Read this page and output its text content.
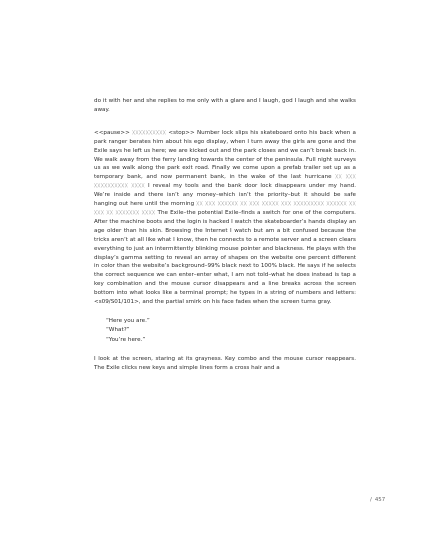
do it with her and she replies to me only with a glare and I laugh, god I laugh and she walks away.

<<pause>> ᚷᚷᚷᚷᚷᚷᚷᚷᚷᚷ <stop>> Number lock slips his skateboard onto his back when a park ranger berates him about his ego display, when I turn away the girls are gone and the Exile says he left us here; we are kicked out and the park closes and we can’t break back in. We walk away from the ferry landing towards the center of the peninsula. Full night surveys us as we walk along the park exit road. Finally we come upon a prefab trailer set up as a temporary bank, and now permanent bank, in the wake of the last hurricane ᚷᚷ ᚷᚷᚷ ᚷᚷᚷᚷᚷᚷᚷᚷᚷᚷ ᚷᚷᚷᚷ I reveal my tools and the bank door lock disappears under my hand. We’re inside and there isn’t any money–which isn’t the priority–but it should be safe hanging out here until the morning ᚷᚷ ᚷᚷᚷ ᚷᚷᚷᚷᚷᚷ ᚷᚷ ᚷᚷᚷ ᚷᚷᚷᚷᚷ ᚷᚷᚷ ᚷᚷᚷᚷᚷᚷᚷᚷᚷ ᚷᚷᚷᚷᚷᚷ ᚷᚷ ᚷᚷᚷ ᚷᚷ ᚷᚷᚷᚷᚷᚷᚷ ᚷᚷᚷᚷ The Exile–the potential Exile–finds a switch for one of the computers. After the machine boots and the login is hacked I watch the skateboarder’s hands display an age older than his skin. Browsing the Internet I watch but am a bit confused because the tricks aren’t at all like what I know, then he connects to a remote server and a screen clears everything to just an intermittently blinking mouse pointer and blackness. He plays with the display’s gamma setting to reveal an array of shapes on the website one percent different in color than the website’s background–99% black next to 100% black. He says if he selects the correct sequence we can enter–enter what, I am not told–what he does instead is tap a key combination and the mouse cursor disappears and a line breaks across the screen bottom into what looks like a terminal prompt; he types in a string of numbers and letters: <s09/S01/101>, and the partial smirk on his face fades when the screen turns gray.

“Here you are.”
“What?”
“You’re here.”

I look at the screen, staring at its grayness. Key combo and the mouse cursor reappears. The Exile clicks new keys and simple lines form a cross hair and a

/ 457
